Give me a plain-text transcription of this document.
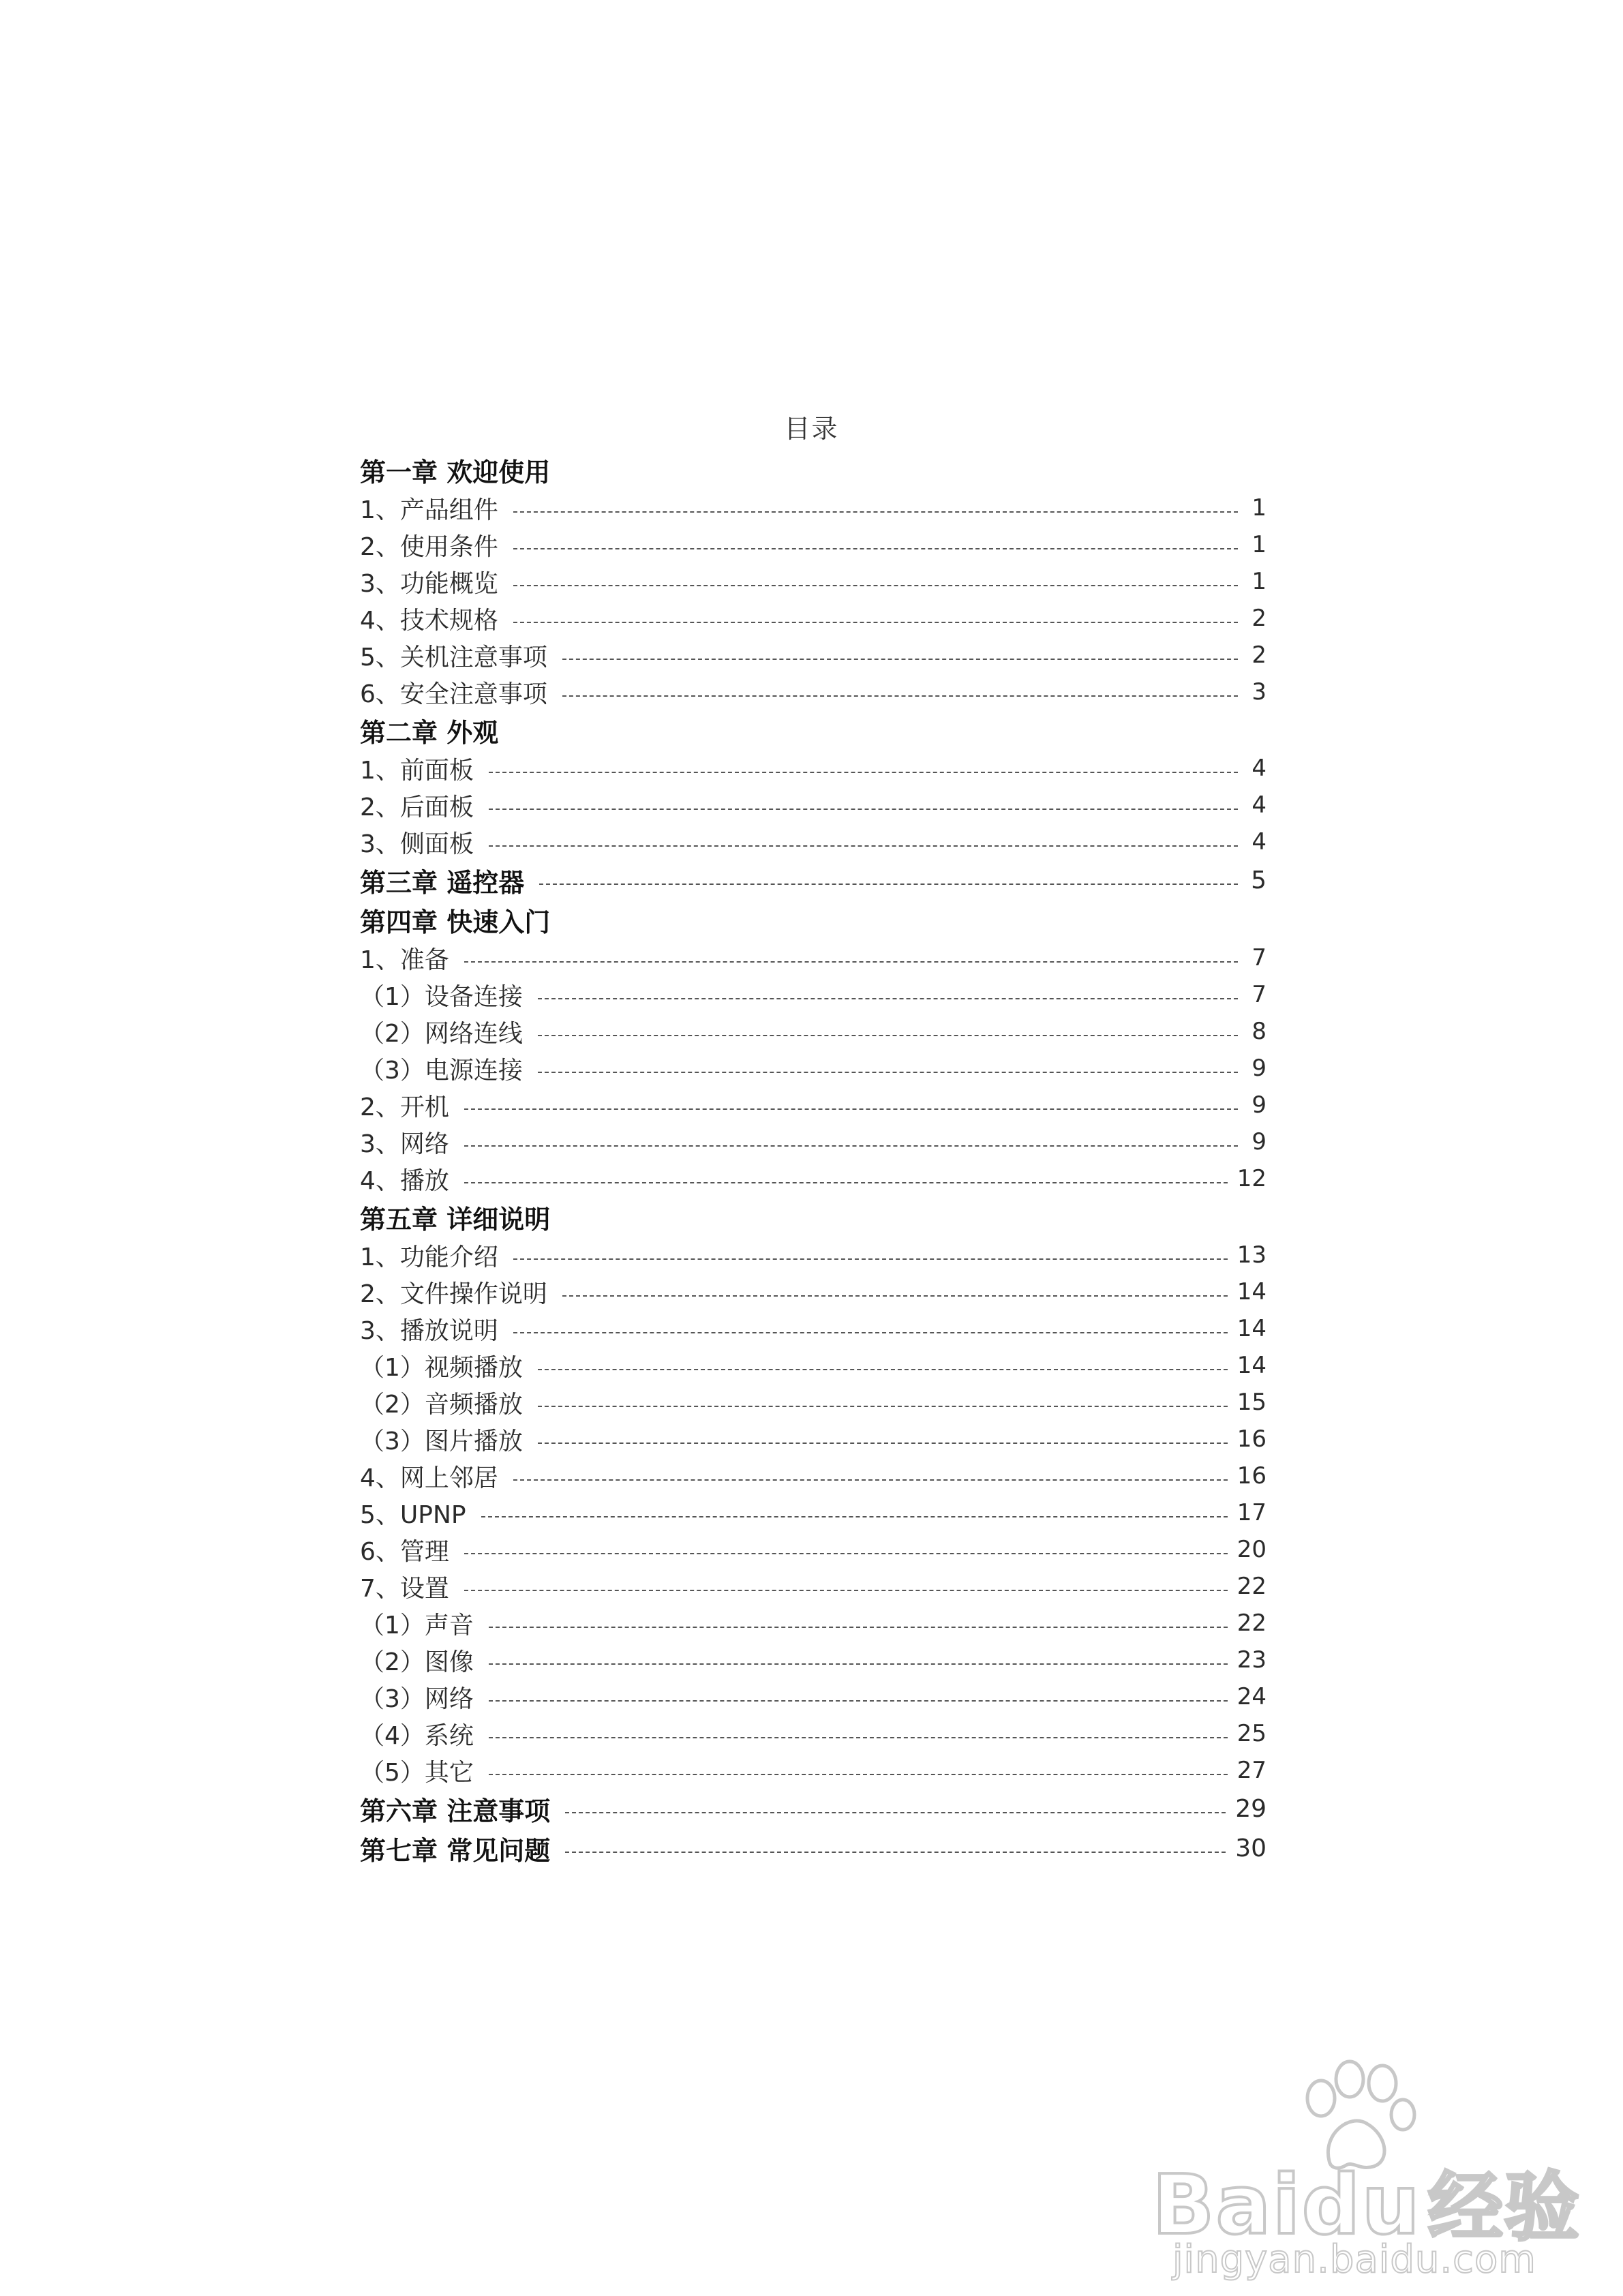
目录
第一章 欢迎使用
1、产品组件	1
2、使用条件	1
3、功能概览	1
4、技术规格	2
5、关机注意事项	2
6、安全注意事项	3
第二章 外观
1、前面板	4
2、后面板	4
3、侧面板	4
第三章 遥控器	5
第四章 快速入门
1、准备	7
（1）设备连接	7
（2）网络连线	8
（3）电源连接	9
2、开机	9
3、网络	9
4、播放	12
第五章 详细说明
1、功能介绍	13
2、文件操作说明	14
3、播放说明	14
（1）视频播放	14
（2）音频播放	15
（3）图片播放	16
4、网上邻居	16
5、UPNP	17
6、管理	20
7、设置	22
（1）声音	22
（2）图像	23
（3）网络	24
（4）系统	25
（5）其它	27
第六章 注意事项	29
第七章 常见问题	30
Baidu经验
jingyan.baidu.com
